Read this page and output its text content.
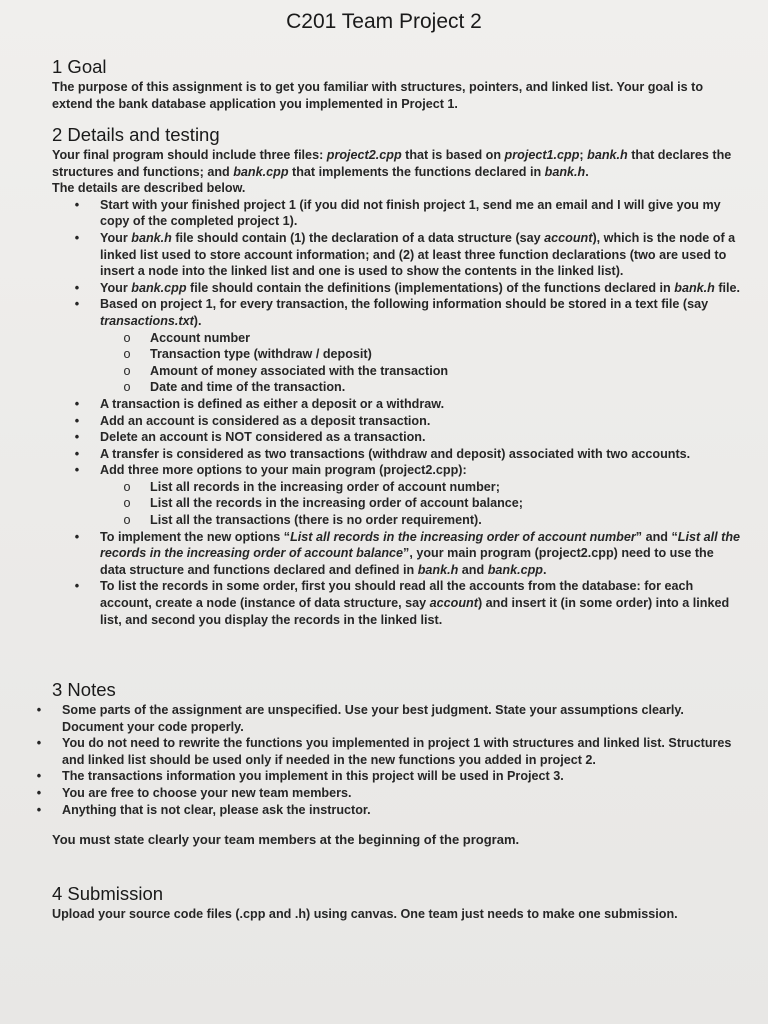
C201 Team Project 2
1 Goal

The purpose of this assignment is to get you familiar with structures, pointers, and linked list. Your goal is to extend the bank database application you implemented in Project 1.

2 Details and testing

Your final program should include three files: project2.cpp that is based on project1.cpp; bank.h that declares the structures and functions; and bank.cpp that implements the functions declared in bank.h.
The details are described below.

•	Start with your finished project 1 (if you did not finish project 1, send me an email and I will give you my copy of the completed project 1).
•	Your bank.h file should contain (1) the declaration of a data structure (say account), which is the node of a linked list used to store account information; and (2) at least three function declarations (two are used to insert a node into the linked list and one is used to show the contents in the linked list).
•	Your bank.cpp file should contain the definitions (implementations) of the functions declared in bank.h file.
•	Based on project 1, for every transaction, the following information should be stored in a text file (say transactions.txt).
o Account number
o Transaction type (withdraw / deposit)
o Amount of money associated with the transaction
o Date and time of the transaction.
•	A transaction is defined as either a deposit or a withdraw.
•	Add an account is considered as a deposit transaction.
•	Delete an account is NOT considered as a transaction.
•	A transfer is considered as two transactions (withdraw and deposit) associated with two accounts.
•	Add three more options to your main program (project2.cpp):
o List all records in the increasing order of account number;
o List all the records in the increasing order of account balance;
o List all the transactions (there is no order requirement).
•	To implement the new options “List all records in the increasing order of account number” and “List all the records in the increasing order of account balance”, your main program (project2.cpp) need to use the data structure and functions declared and defined in bank.h and bank.cpp.
•	To list the records in some order, first you should read all the accounts from the database: for each account, create a node (instance of data structure, say account) and insert it (in some order) into a linked list, and second you display the records in the linked list.
3 Notes
•	Some parts of the assignment are unspecified. Use your best judgment. State your assumptions clearly. Document your code properly.
•	You do not need to rewrite the functions you implemented in project 1 with structures and linked list. Structures and linked list should be used only if needed in the new functions you added in project 2.
•	The transactions information you implement in this project will be used in Project 3.
•	You are free to choose your new team members.
•	Anything that is not clear, please ask the instructor.

You must state clearly your team members at the beginning of the program.

4 Submission

Upload your source code files (.cpp and .h) using canvas. One team just needs to make one submission.
